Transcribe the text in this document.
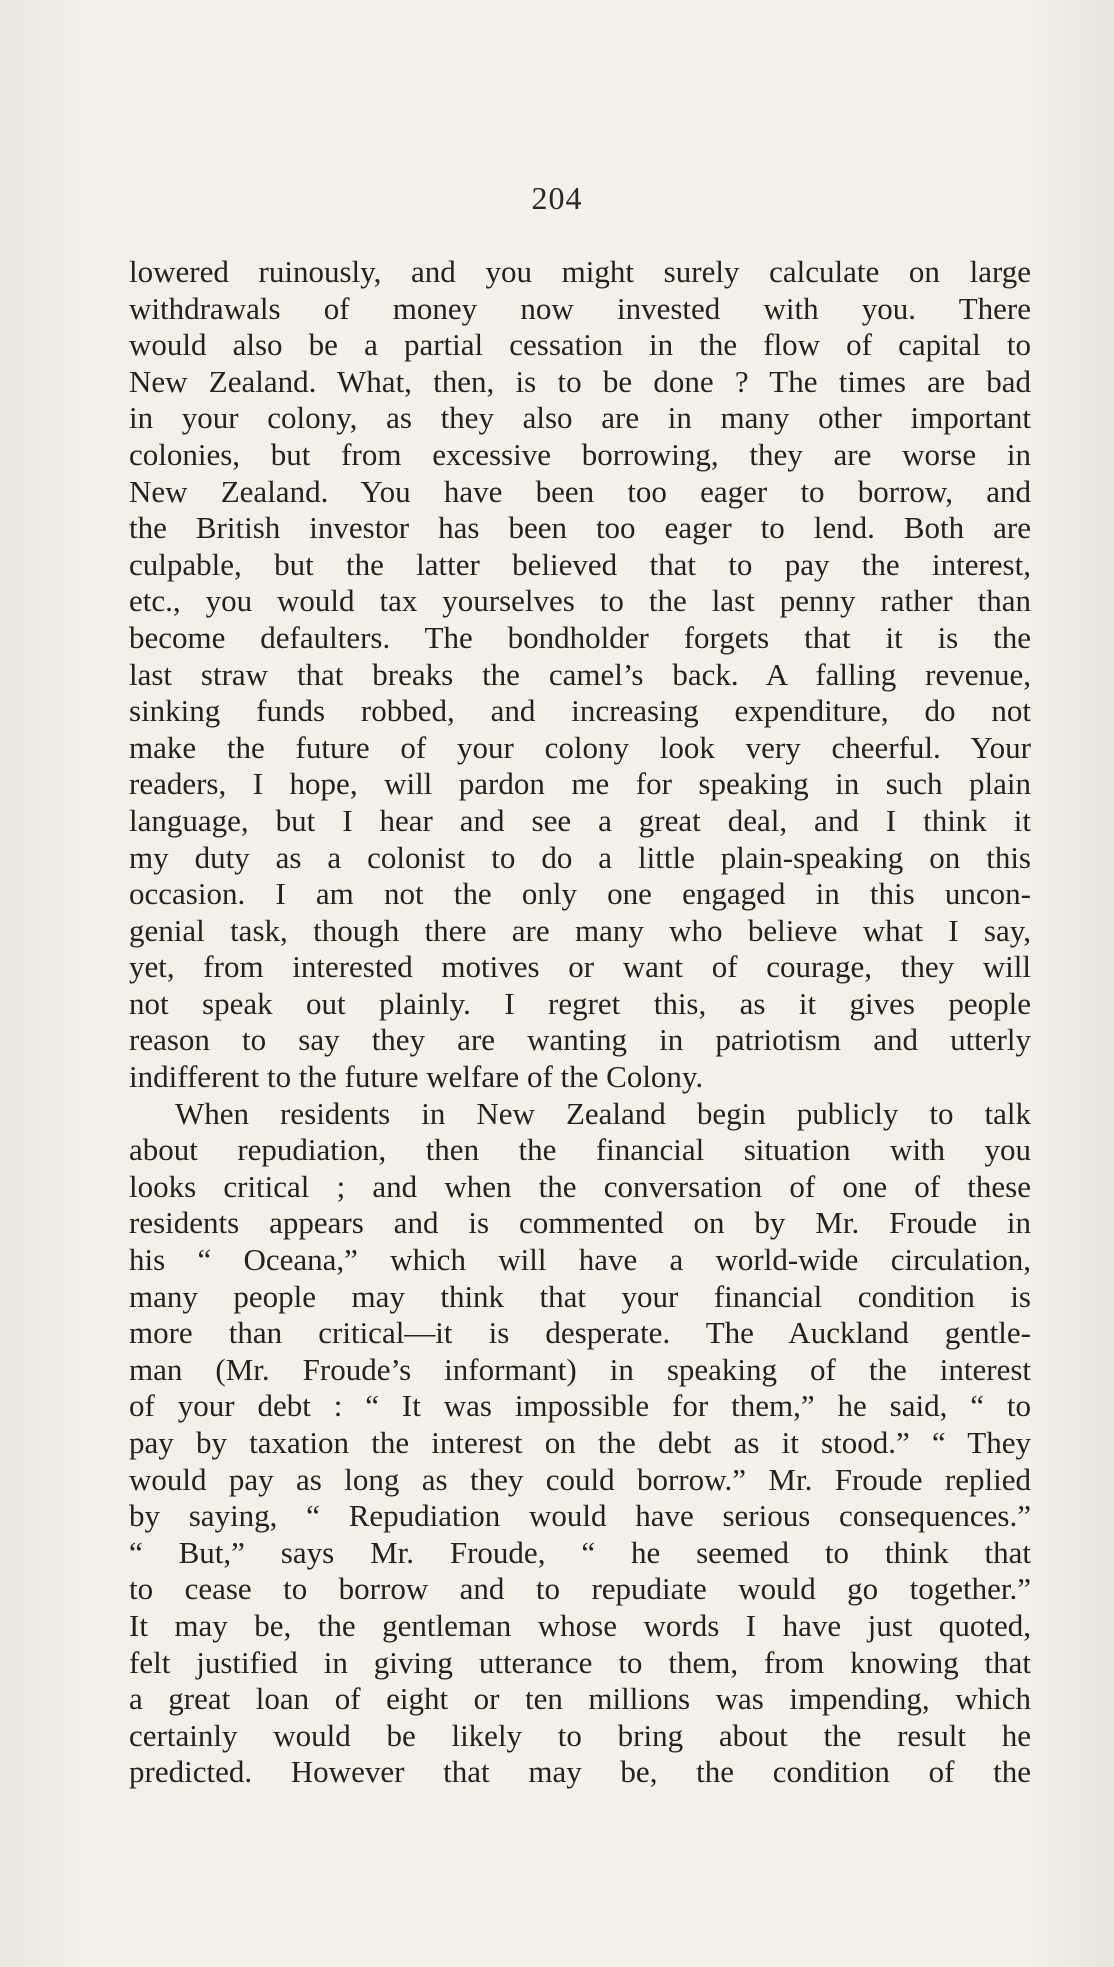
204
lowered ruinously, and you might surely calculate on large
withdrawals of money now invested with you. There
would also be a partial cessation in the flow of capital to
New Zealand. What, then, is to be done ? The times are bad
in your colony, as they also are in many other important
colonies, but from excessive borrowing, they are worse in
New Zealand. You have been too eager to borrow, and
the British investor has been too eager to lend. Both are
culpable, but the latter believed that to pay the interest,
etc., you would tax yourselves to the last penny rather than
become defaulters. The bondholder forgets that it is the
last straw that breaks the camel’s back. A falling revenue,
sinking funds robbed, and increasing expenditure, do not
make the future of your colony look very cheerful. Your
readers, I hope, will pardon me for speaking in such plain
language, but I hear and see a great deal, and I think it
my duty as a colonist to do a little plain-speaking on this
occasion. I am not the only one engaged in this uncon-
genial task, though there are many who believe what I say,
yet, from interested motives or want of courage, they will
not speak out plainly. I regret this, as it gives people
reason to say they are wanting in patriotism and utterly
indifferent to the future welfare of the Colony.
When residents in New Zealand begin publicly to talk
about repudiation, then the financial situation with you
looks critical ; and when the conversation of one of these
residents appears and is commented on by Mr. Froude in
his “ Oceana,” which will have a world-wide circulation,
many people may think that your financial condition is
more than critical—it is desperate. The Auckland gentle-
man (Mr. Froude’s informant) in speaking of the interest
of your debt : “ It was impossible for them,” he said, “ to
pay by taxation the interest on the debt as it stood.” “ They
would pay as long as they could borrow.” Mr. Froude replied
by saying, “ Repudiation would have serious consequences.”
“ But,” says Mr. Froude, “ he seemed to think that
to cease to borrow and to repudiate would go together.”
It may be, the gentleman whose words I have just quoted,
felt justified in giving utterance to them, from knowing that
a great loan of eight or ten millions was impending, which
certainly would be likely to bring about the result he
predicted. However that may be, the condition of the
